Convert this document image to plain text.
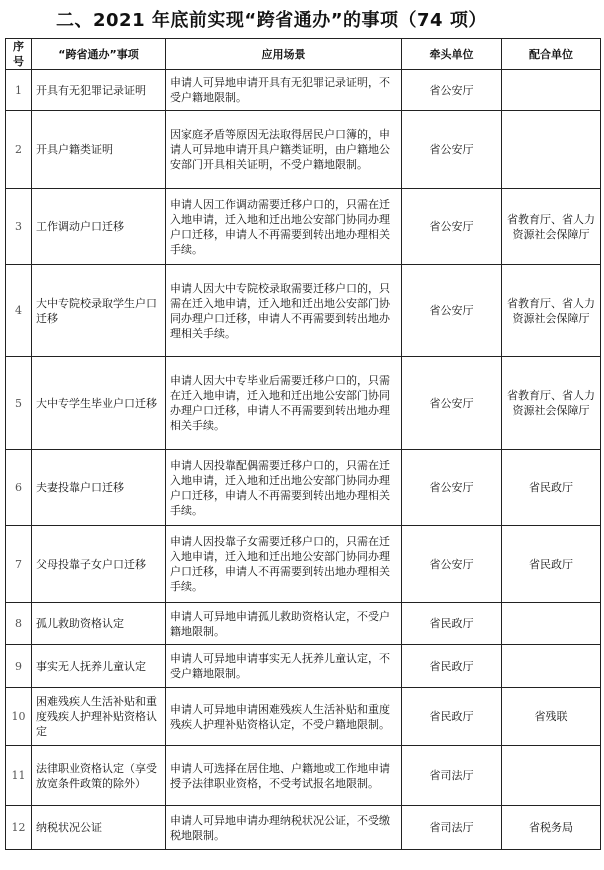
二、2021 年底前实现“跨省通办”的事项（74 项）
序号	“跨省通办”事项	应用场景	牵头单位	配合单位
1	开具有无犯罪记录证明	申请人可异地申请开具有无犯罪记录证明，不受户籍地限制。	省公安厅	
2	开具户籍类证明	因家庭矛盾等原因无法取得居民户口簿的，申请人可异地申请开具户籍类证明，由户籍地公安部门开具相关证明，不受户籍地限制。	省公安厅	
3	工作调动户口迁移	申请人因工作调动需要迁移户口的，只需在迁入地申请，迁入地和迁出地公安部门协同办理户口迁移，申请人不再需要到转出地办理相关手续。	省公安厅	省教育厅、省人力资源社会保障厅
4	大中专院校录取学生户口迁移	申请人因大中专院校录取需要迁移户口的，只需在迁入地申请，迁入地和迁出地公安部门协同办理户口迁移，申请人不再需要到转出地办理相关手续。	省公安厅	省教育厅、省人力资源社会保障厅
5	大中专学生毕业户口迁移	申请人因大中专毕业后需要迁移户口的，只需在迁入地申请，迁入地和迁出地公安部门协同办理户口迁移，申请人不再需要到转出地办理相关手续。	省公安厅	省教育厅、省人力资源社会保障厅
6	夫妻投靠户口迁移	申请人因投靠配偶需要迁移户口的，只需在迁入地申请，迁入地和迁出地公安部门协同办理户口迁移，申请人不再需要到转出地办理相关手续。	省公安厅	省民政厅
7	父母投靠子女户口迁移	申请人因投靠子女需要迁移户口的，只需在迁入地申请，迁入地和迁出地公安部门协同办理户口迁移，申请人不再需要到转出地办理相关手续。	省公安厅	省民政厅
8	孤儿救助资格认定	申请人可异地申请孤儿救助资格认定，不受户籍地限制。	省民政厅	
9	事实无人抚养儿童认定	申请人可异地申请事实无人抚养儿童认定，不受户籍地限制。	省民政厅	
10	困难残疾人生活补贴和重度残疾人护理补贴资格认定	申请人可异地申请困难残疾人生活补贴和重度残疾人护理补贴资格认定，不受户籍地限制。	省民政厅	省残联
11	法律职业资格认定（享受放宽条件政策的除外）	申请人可选择在居住地、户籍地或工作地申请授予法律职业资格，不受考试报名地限制。	省司法厅	
12	纳税状况公证	申请人可异地申请办理纳税状况公证，不受缴税地限制。	省司法厅	省税务局
